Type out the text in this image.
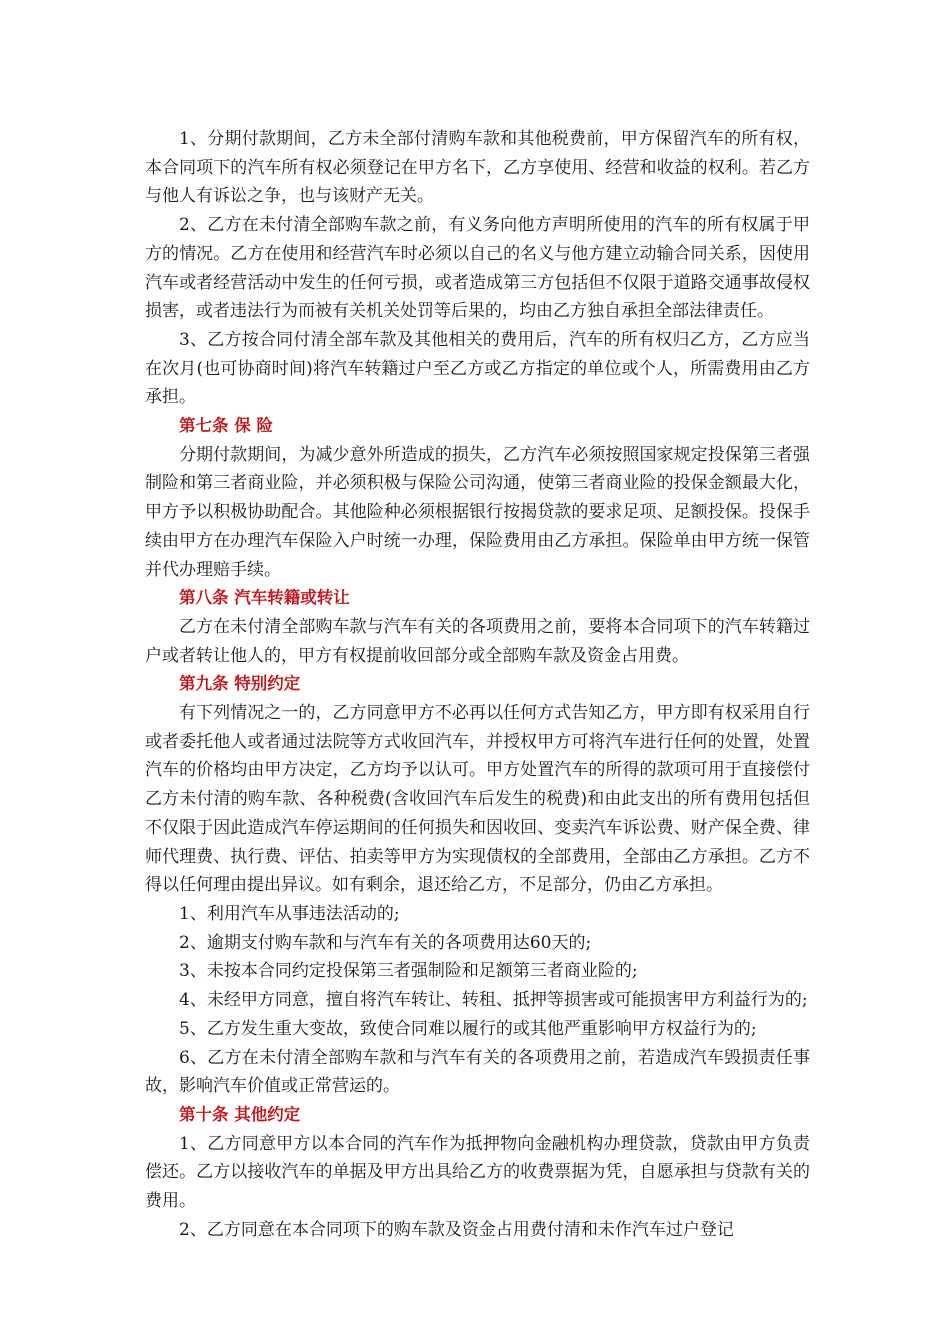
1、分期付款期间，乙方未全部付清购车款和其他税费前，甲方保留汽车的所有权，本合同项下的汽车所有权必须登记在甲方名下，乙方享使用、经营和收益的权利。若乙方与他人有诉讼之争，也与该财产无关。

2、乙方在未付清全部购车款之前，有义务向他方声明所使用的汽车的所有权属于甲方的情况。乙方在使用和经营汽车时必须以自己的名义与他方建立动输合同关系，因使用汽车或者经营活动中发生的任何亏损，或者造成第三方包括但不仅限于道路交通事故侵权损害，或者违法行为而被有关机关处罚等后果的，均由乙方独自承担全部法律责任。

3、乙方按合同付清全部车款及其他相关的费用后，汽车的所有权归乙方，乙方应当在次月(也可协商时间)将汽车转籍过户至乙方或乙方指定的单位或个人，所需费用由乙方承担。

第七条 保 险

分期付款期间，为减少意外所造成的损失，乙方汽车必须按照国家规定投保第三者强制险和第三者商业险，并必须积极与保险公司沟通，使第三者商业险的投保金额最大化，甲方予以积极协助配合。其他险种必须根据银行按揭贷款的要求足项、足额投保。投保手续由甲方在办理汽车保险入户时统一办理，保险费用由乙方承担。保险单由甲方统一保管并代办理赔手续。

第八条 汽车转籍或转让

乙方在未付清全部购车款与汽车有关的各项费用之前，要将本合同项下的汽车转籍过户或者转让他人的，甲方有权提前收回部分或全部购车款及资金占用费。

第九条 特别约定

有下列情况之一的，乙方同意甲方不必再以任何方式告知乙方，甲方即有权采用自行或者委托他人或者通过法院等方式收回汽车，并授权甲方可将汽车进行任何的处置，处置汽车的价格均由甲方决定，乙方均予以认可。甲方处置汽车的所得的款项可用于直接偿付乙方未付清的购车款、各种税费(含收回汽车后发生的税费)和由此支出的所有费用包括但不仅限于因此造成汽车停运期间的任何损失和因收回、变卖汽车诉讼费、财产保全费、律师代理费、执行费、评估、拍卖等甲方为实现债权的全部费用，全部由乙方承担。乙方不得以任何理由提出异议。如有剩余，退还给乙方，不足部分，仍由乙方承担。

1、利用汽车从事违法活动的;

2、逾期支付购车款和与汽车有关的各项费用达60天的;

3、未按本合同约定投保第三者强制险和足额第三者商业险的;

4、未经甲方同意，擅自将汽车转让、转租、抵押等损害或可能损害甲方利益行为的;

5、乙方发生重大变故，致使合同难以履行的或其他严重影响甲方权益行为的;

6、乙方在未付清全部购车款和与汽车有关的各项费用之前，若造成汽车毁损责任事故，影响汽车价值或正常营运的。

第十条 其他约定

1、乙方同意甲方以本合同的汽车作为抵押物向金融机构办理贷款，贷款由甲方负责偿还。乙方以接收汽车的单据及甲方出具给乙方的收费票据为凭，自愿承担与贷款有关的费用。

2、乙方同意在本合同项下的购车款及资金占用费付清和未作汽车过户登记
